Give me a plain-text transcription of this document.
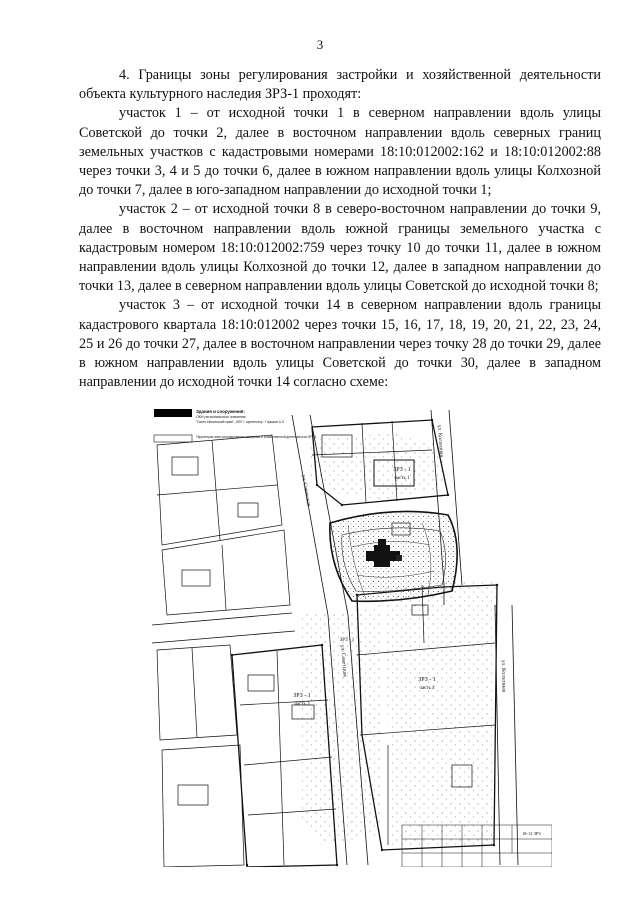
3

4. Границы зоны регулирования застройки и хозяйственной деятельности объекта культурного наследия ЗРЗ-1 проходят:

участок 1 – от исходной точки 1 в северном направлении вдоль улицы Советской до точки 2, далее в восточном направлении вдоль северных границ земельных участков с кадастровыми номерами 18:10:012002:162 и 18:10:012002:88 через точки 3, 4 и 5 до точки 6, далее в южном направлении вдоль улицы Колхозной до точки 7, далее в юго-западном направлении до исходной точки 1;

участок 2 – от исходной точки 8 в северо-восточном направлении до точки 9, далее в восточном направлении вдоль южной границы земельного участка с кадастровым номером 18:10:012002:759 через точку 10 до точки 11, далее в южном направлении вдоль улицы Колхозной до точки 12, далее в западном направлении до точки 13, далее в северном направлении вдоль улицы Советской до исходной точки 8;

участок 3 – от исходной точки 14 в северном направлении вдоль границы кадастрового квартала 18:10:012002 через точки 15, 16, 17, 18, 19, 20, 21, 22, 23, 24, 25 и 26 до точки 27, далее в восточном направлении через точку 28 до точки 29, далее в южном направлении вдоль улицы Советской до точки 30, далее в западном направлении до исходной точки 14 согласно схеме:

Здания и сооружения:
ОКН регионального значения:
"Свято-Никольский храм", 1907 г. архитектор - Горшков А.Л.
Территория зоны регулирования застройки и хозяйственной деятельности ЗРЗ-1
ул. Советская
ул. Советская
ул. Колхозная
ул. Колхозная
ЗРЗ - 1
часть 1
ЗРЗ - 1
часть 2
ЗРЗ - 1
часть 3
ЗРЗ - 1
18-12 ЗРЗ
